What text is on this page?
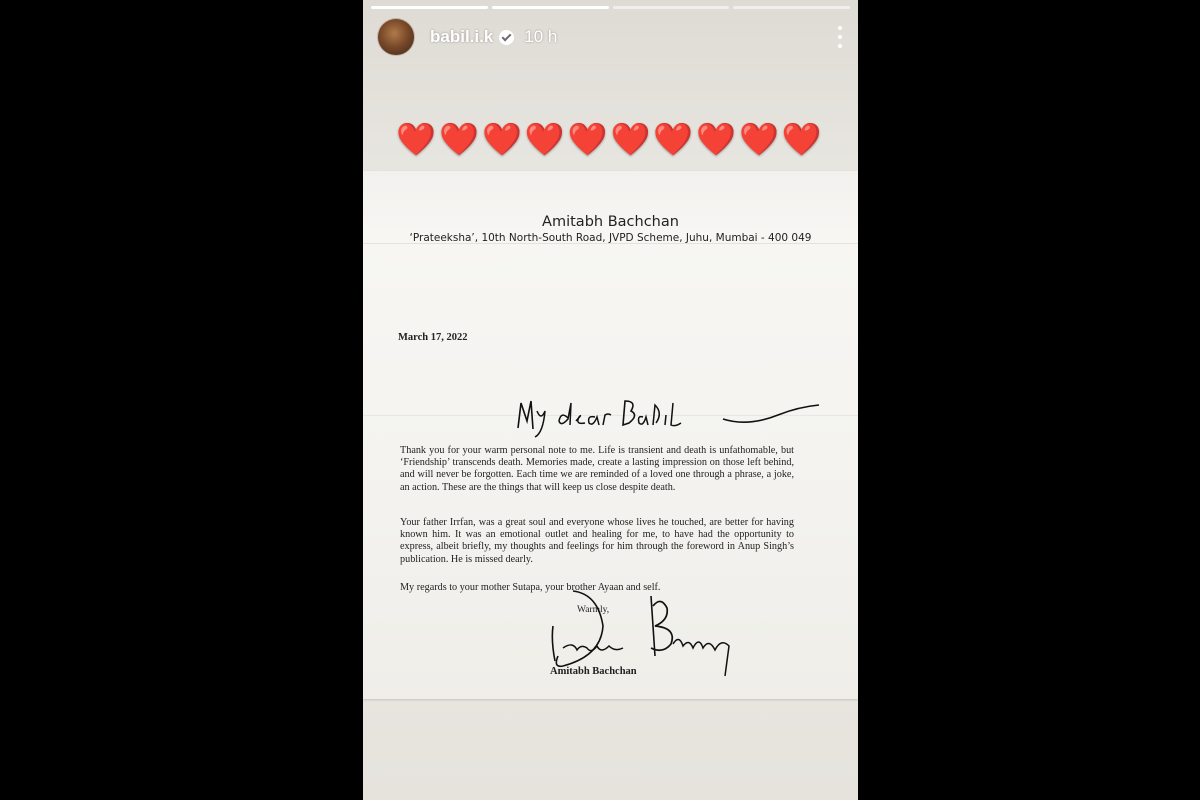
babil.i.k 10 h
❤️❤️❤️❤️❤️❤️❤️❤️❤️❤️
Amitabh Bachchan
‘Prateeksha’, 10th North-South Road, JVPD Scheme, Juhu, Mumbai - 400 049
March 17, 2022
Thank you for your warm personal note to me. Life is transient and death is unfathomable, but ‘Friendship’ transcends death. Memories made, create a lasting impression on those left behind, and will never be forgotten. Each time we are reminded of a loved one through a phrase, a joke, an action. These are the things that will keep us close despite death.
Your father Irrfan, was a great soul and everyone whose lives he touched, are better for having known him. It was an emotional outlet and healing for me, to have had the opportunity to express, albeit briefly, my thoughts and feelings for him through the foreword in Anup Singh’s publication. He is missed dearly.
My regards to your mother Sutapa, your brother Ayaan and self.
Warmly,
Amitabh Bachchan
